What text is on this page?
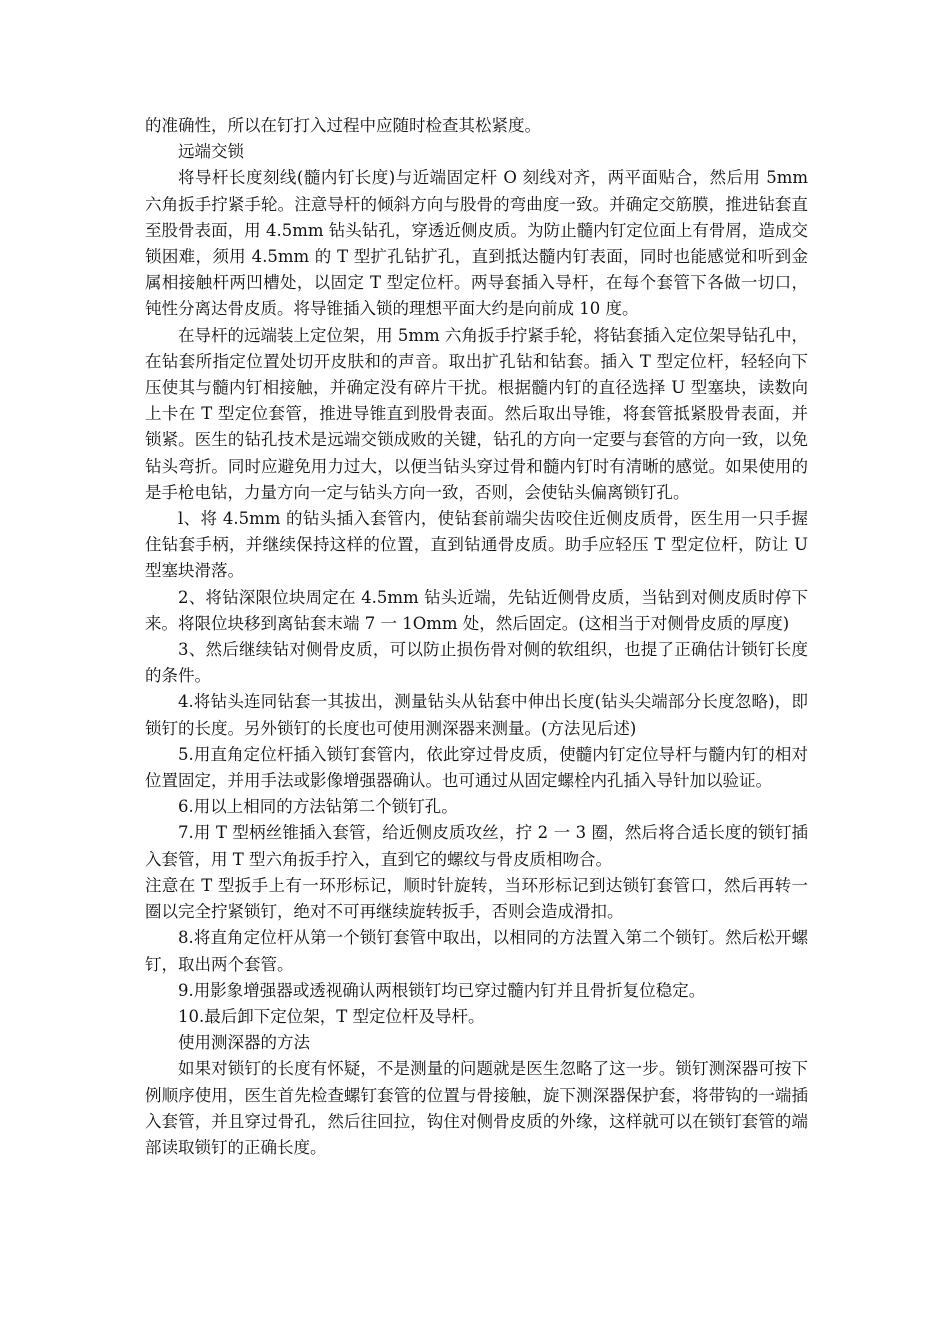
的准确性，所以在钉打入过程中应随时检查其松紧度。

远端交锁

将导杆长度刻线(髓内钉长度)与近端固定杆 O 刻线对齐，两平面贴合，然后用 5mm 六角扳手拧紧手轮。注意导杆的倾斜方向与股骨的弯曲度一致。并确定交筋膜，推进钻套直至股骨表面，用 4.5mm 钻头钻孔，穿透近侧皮质。为防止髓内钉定位面上有骨屑，造成交锁困难，须用 4.5mm 的 T 型扩孔钻扩孔，直到抵达髓内钉表面，同时也能感觉和听到金属相接触杆两凹槽处，以固定 T 型定位杆。两导套插入导杆，在每个套管下各做一切口，钝性分离达骨皮质。将导锥插入锁的理想平面大约是向前成 10 度。

在导杆的远端装上定位架，用 5mm 六角扳手拧紧手轮，将钻套插入定位架导钻孔中，在钻套所指定位置处切开皮肤和的声音。取出扩孔钻和钻套。插入 T 型定位杆，轻轻向下压使其与髓内钉相接触，并确定没有碎片干扰。根据髓内钉的直径选择 U 型塞块，读数向上卡在 T 型定位套管，推进导锥直到股骨表面。然后取出导锥，将套管抵紧股骨表面，并锁紧。医生的钻孔技术是远端交锁成败的关键，钻孔的方向一定要与套管的方向一致，以免钻头弯折。同时应避免用力过大，以便当钻头穿过骨和髓内钉时有清晰的感觉。如果使用的是手枪电钻，力量方向一定与钻头方向一致，否则，会使钻头偏离锁钉孔。

l、将 4.5mm 的钻头插入套管内，使钻套前端尖齿咬住近侧皮质骨，医生用一只手握住钻套手柄，并继续保持这样的位置，直到钻通骨皮质。助手应轻压 T 型定位杆，防让 U 型塞块滑落。

2、将钻深限位块周定在 4.5mm 钻头近端，先钻近侧骨皮质，当钻到对侧皮质时停下来。将限位块移到离钻套末端 7 一 1Omm 处，然后固定。(这相当于对侧骨皮质的厚度)

3、然后继续钻对侧骨皮质，可以防止损伤骨对侧的软组织，也提了正确估计锁钉长度的条件。

4.将钻头连同钻套一其拔出，测量钻头从钻套中伸出长度(钻头尖端部分长度忽略)，即锁钉的长度。另外锁钉的长度也可使用测深器来测量。(方法见后述)

5.用直角定位杆插入锁钉套管内，依此穿过骨皮质，使髓内钉定位导杆与髓内钉的相对位置固定，并用手法或影像增强器确认。也可通过从固定螺栓内孔插入导针加以验证。

6.用以上相同的方法钻第二个锁钉孔。

7.用 T 型柄丝锥插入套管，给近侧皮质攻丝，拧 2 一 3 圈，然后将合适长度的锁钉插入套管，用 T 型六角扳手拧入，直到它的螺纹与骨皮质相吻合。

注意在 T 型扳手上有一环形标记，顺时针旋转，当环形标记到达锁钉套管口，然后再转一圈以完全拧紧锁钉，绝对不可再继续旋转扳手，否则会造成滑扣。

8.将直角定位杆从第一个锁钉套管中取出，以相同的方法置入第二个锁钉。然后松开螺钉，取出两个套管。

9.用影象增强器或透视确认两根锁钉均已穿过髓内钉并且骨折复位稳定。

10.最后卸下定位架，T 型定位杆及导杆。

使用测深器的方法

如果对锁钉的长度有怀疑，不是测量的问题就是医生忽略了这一步。锁钉测深器可按下例顺序使用，医生首先检查螺钉套管的位置与骨接触，旋下测深器保护套，将带钩的一端插入套管，并且穿过骨孔，然后往回拉，钩住对侧骨皮质的外缘，这样就可以在锁钉套管的端部读取锁钉的正确长度。
